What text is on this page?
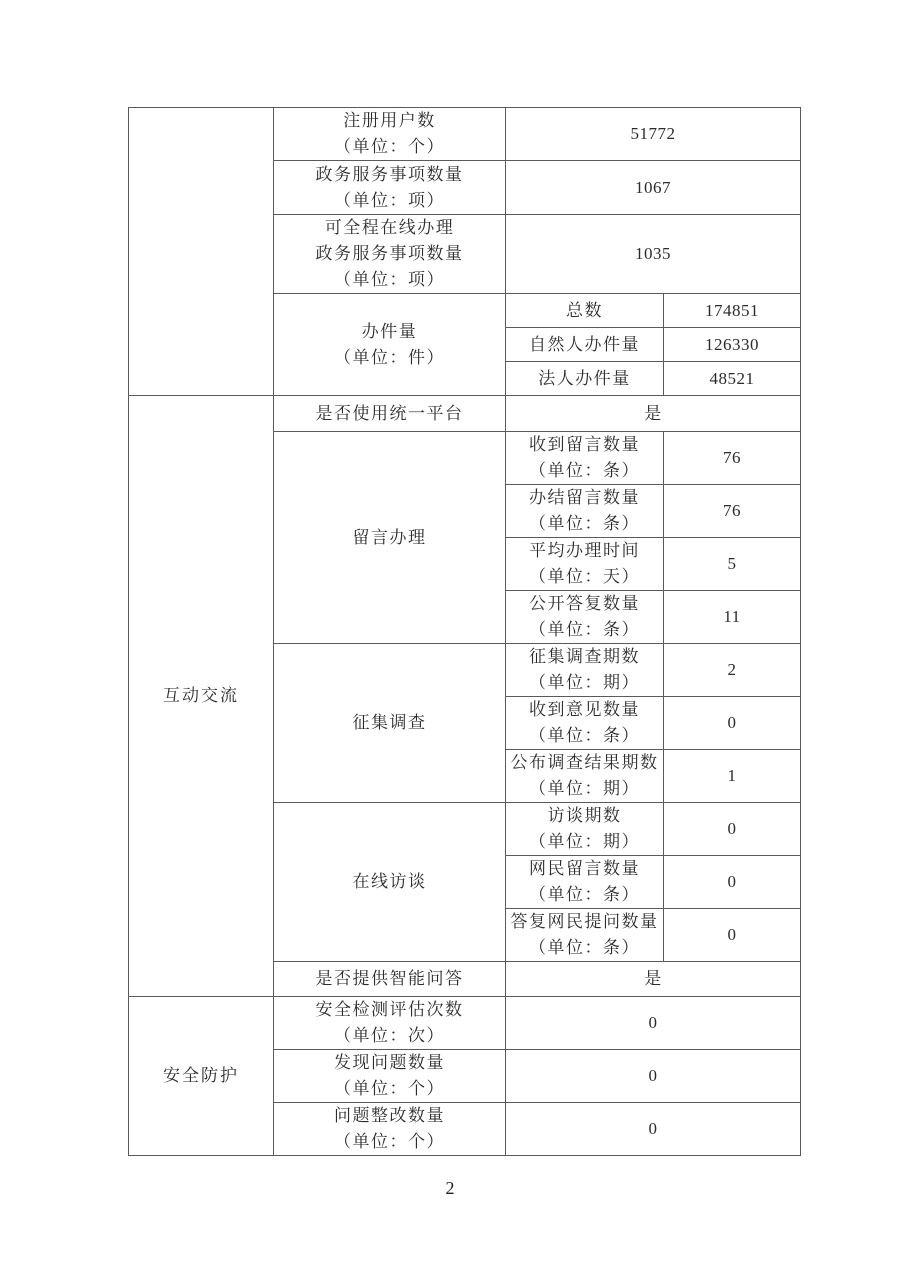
	注册用户数
（单位：个）	51772	

	政务服务事项数量
（单位：项）	1067	

	可全程在线办理
政务服务事项数量
（单位：项）	1035	

	办件量
（单位：件）	总数	174851
		自然人办件量	126330
		法人办件量	48521
互动交流	是否使用统一平台	是	
	留言办理	收到留言数量
（单位：条）	76

		办结留言数量
（单位：条）	76

		平均办理时间
（单位：天）	5

		公开答复数量
（单位：条）	11
	征集调查	征集调查期数
（单位：期）	2

		收到意见数量
（单位：条）	0

		公布调查结果期数
（单位：期）	1
	在线访谈	访谈期数
（单位：期）	0

		网民留言数量
（单位：条）	0

		答复网民提问数量
（单位：条）	0
	是否提供智能问答	是	
安全防护	安全检测评估次数
（单位：次）	0	

	发现问题数量
（单位：个）	0	

	问题整改数量
（单位：个）	0	
2
